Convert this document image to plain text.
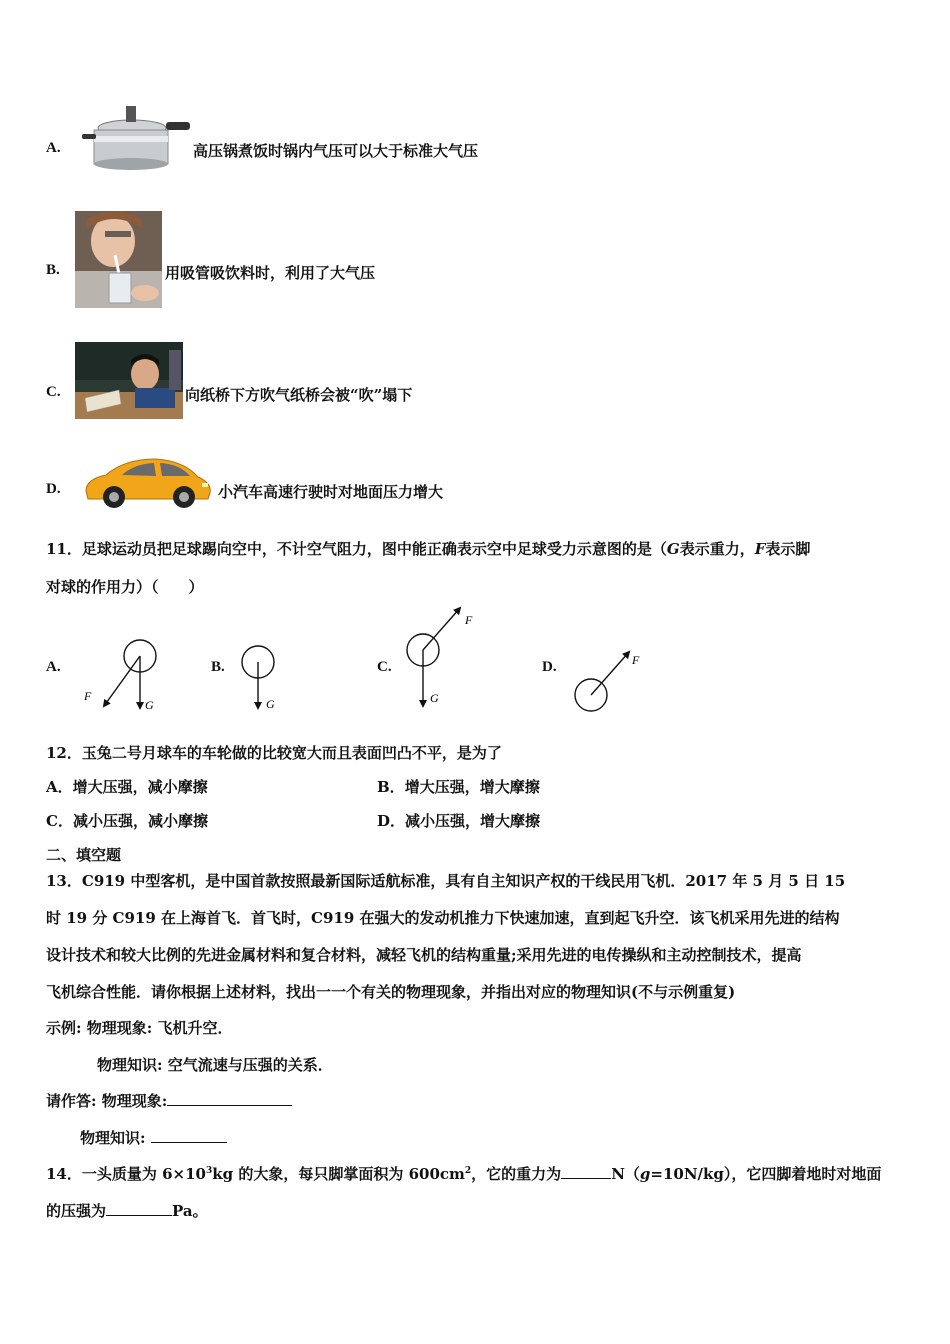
A.	高压锅煮饭时锅内气压可以大于标准大气压
B.	用吸管吸饮料时，利用了大气压
C.	向纸桥下方吹气纸桥会被“吹”塌下
D.	小汽车高速行驶时对地面压力增大
11．足球运动员把足球踢向空中，不计空气阻力，图中能正确表示空中足球受力示意图的是（G表示重力，F表示脚
对球的作用力）（　　）
A.	B.	C.	D.
F
G	G
F
G
F
12．玉兔二号月球车的车轮做的比较宽大而且表面凹凸不平，是为了
A．增大压强，减小摩擦	B．增大压强，增大摩擦
C．减小压强，减小摩擦	D．减小压强，增大摩擦
二、填空题
13．C919 中型客机，是中国首款按照最新国际适航标准，具有自主知识产权的干线民用飞机．2017 年 5 月 5 日 15
时 19 分 C919 在上海首飞．首飞时，C919 在强大的发动机推力下快速加速，直到起飞升空．该飞机采用先进的结构
设计技术和较大比例的先进金属材料和复合材料，减轻飞机的结构重量;采用先进的电传操纵和主动控制技术，提高
飞机综合性能．请你根据上述材料，找出一一个有关的物理现象，并指出对应的物理知识(不与示例重复)
示例: 物理现象: 飞机升空．
物理知识: 空气流速与压强的关系．
请作答: 物理现象:
物理知识:
14．一头质量为 $6\times 10^3kg$ 的大象，每只脚掌面积为 $600cm^2$，它的重力为	N（g=10N/kg），它四脚着地时对地面
的压强为	Pa。
